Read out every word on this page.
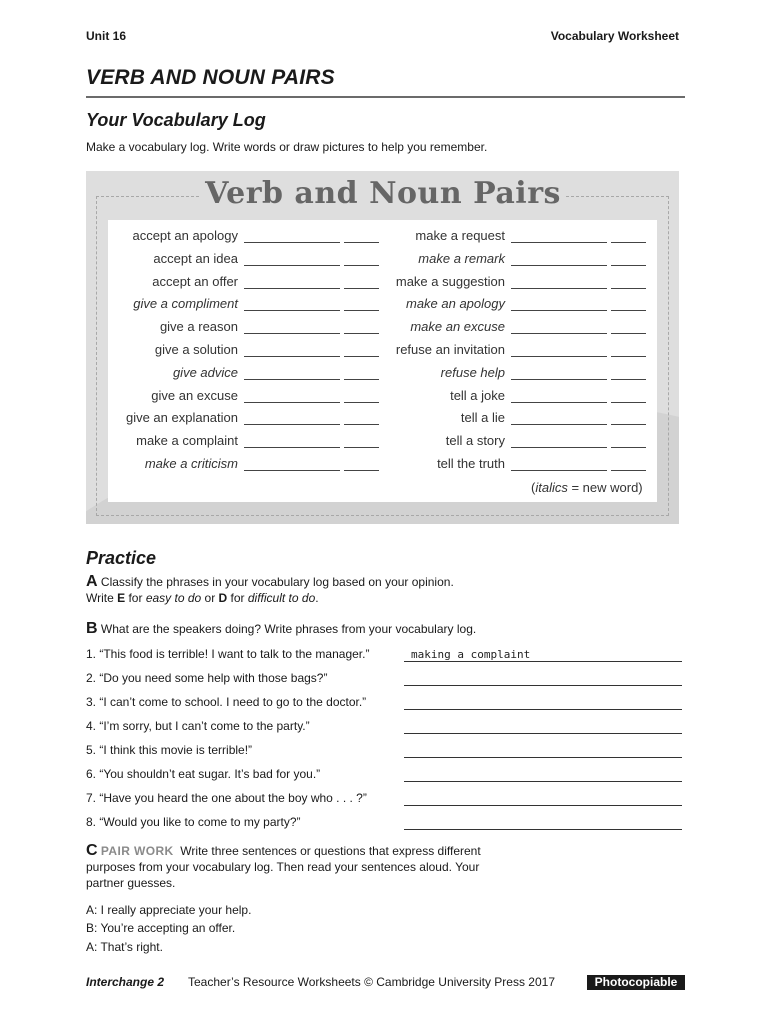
Unit 16	Vocabulary Worksheet
VERB AND NOUN PAIRS
Your Vocabulary Log
Make a vocabulary log. Write words or draw pictures to help you remember.
Verb and Noun Pairs
accept an apology
accept an idea
accept an offer
give a compliment
give a reason
give a solution
give advice
give an excuse
give an explanation
make a complaint
make a criticism
make a request
make a remark
make a suggestion
make an apology
make an excuse
refuse an invitation
refuse help
tell a joke
tell a lie
tell a story
tell the truth
(italics = new word)
Practice
A Classify the phrases in your vocabulary log based on your opinion.
Write E for easy to do or D for difficult to do.
B What are the speakers doing? Write phrases from your vocabulary log.
1. “This food is terrible! I want to talk to the manager.”
2. “Do you need some help with those bags?”
3. “I can’t come to school. I need to go to the doctor.”
4. “I’m sorry, but I can’t come to the party.”
5. “I think this movie is terrible!”
6. “You shouldn’t eat sugar. It’s bad for you.”
7. “Have you heard the one about the boy who . . . ?”
8. “Would you like to come to my party?”
making a complaint
C PAIR WORK Write three sentences or questions that express different
purposes from your vocabulary log. Then read your sentences aloud. Your
partner guesses.
A: I really appreciate your help.
B: You’re accepting an offer.
A: That’s right.
Interchange 2 Teacher’s Resource Worksheets © Cambridge University Press 2017	Photocopiable
